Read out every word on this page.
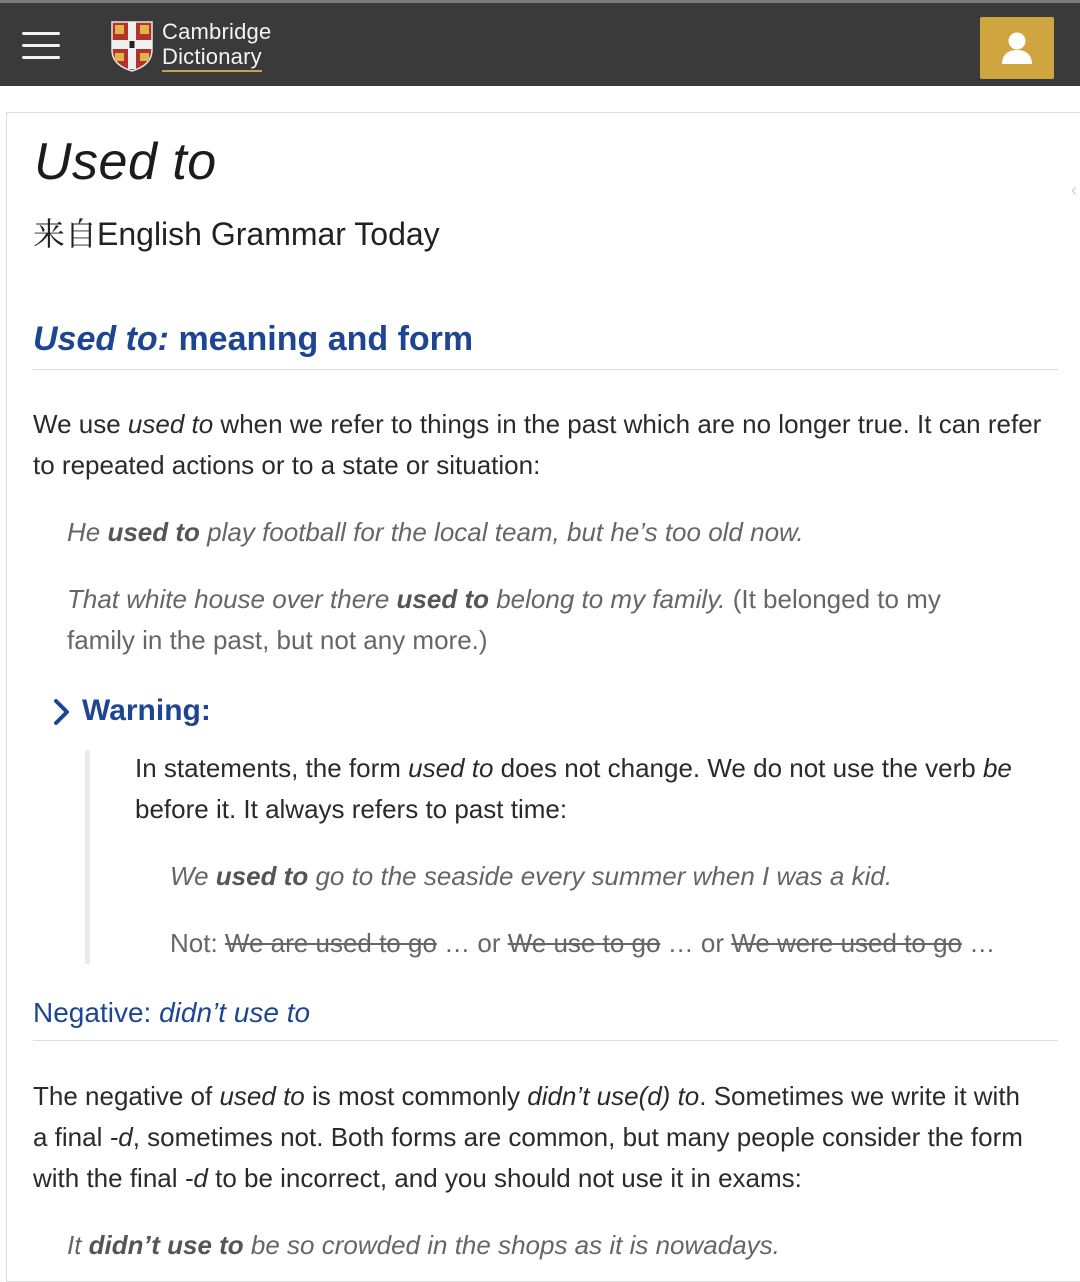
Cambridge
Dictionary
‹
Used to
来自English Grammar Today
Used to: meaning and form
We use used to when we refer to things in the past which are no longer true. It can refer to repeated actions or to a state or situation:
He used to play football for the local team, but he’s too old now.
That white house over there used to belong to my family. (It belonged to my
family in the past, but not any more.)
Warning:
In statements, the form used to does not change. We do not use the verb be
before it. It always refers to past time:
We used to go to the seaside every summer when I was a kid.
Not: We are used to go … or We use to go … or We were used to go …
Negative: didn’t use to
The negative of used to is most commonly didn’t use(d) to. Sometimes we write it with a final -d, sometimes not. Both forms are common, but many people consider the form with the final -d to be incorrect, and you should not use it in exams:
It didn’t use to be so crowded in the shops as it is nowadays.
